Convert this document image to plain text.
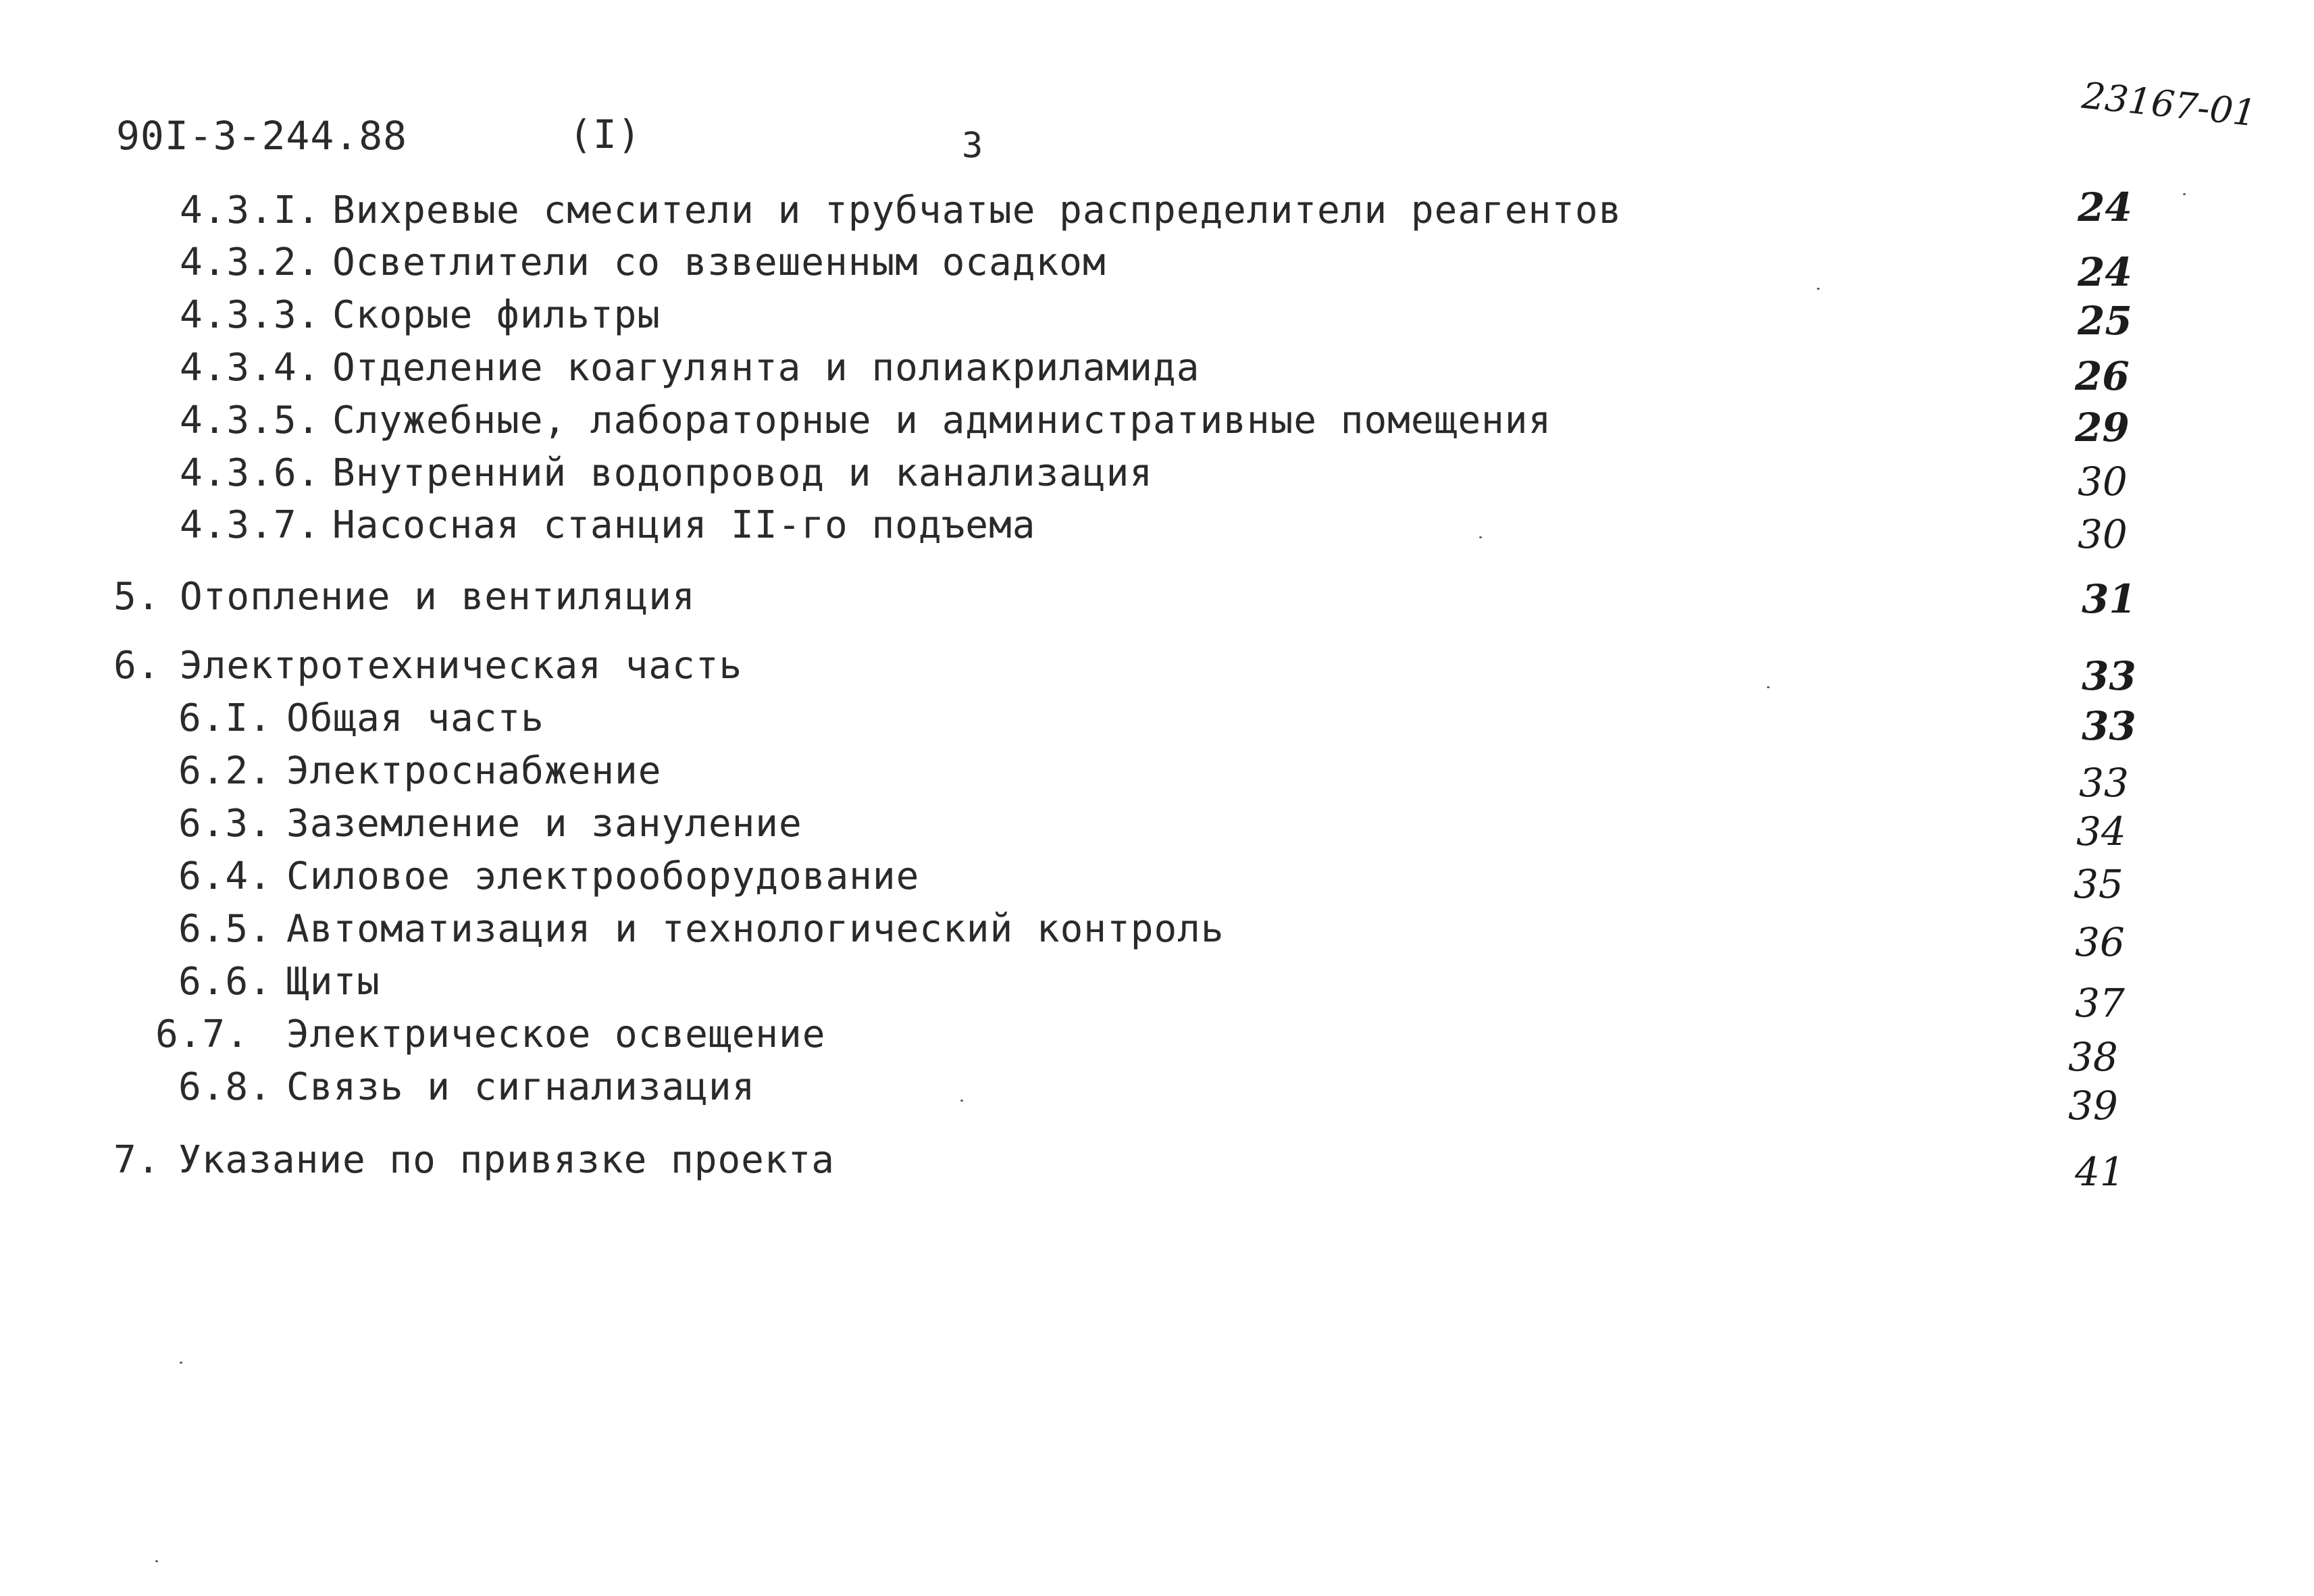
90I-3-244.88	(I)	3
23167-01
4.3.I. Вихревые смесители и трубчатые распределители реагентов	24
4.3.2. Осветлители со взвешенным осадком	24
4.3.3. Скорые фильтры	25
4.3.4. Отделение коагулянта и полиакриламида	26
4.3.5. Служебные, лабораторные и административные помещения	29
4.3.6. Внутренний водопровод и канализация	30
4.3.7. Насосная станция II-го подъема	30
5. Отопление и вентиляция	31
6. Электротехническая часть	33
6.I. Общая часть	33
6.2. Электроснабжение	33
6.3. Заземление и зануление	34
6.4. Силовое электрооборудование	35
6.5. Автоматизация и технологический контроль	36
6.6. Щиты	37
6.7. Электрическое освещение	38
6.8. Связь и сигнализация	39
7. Указание по привязке проекта	41
